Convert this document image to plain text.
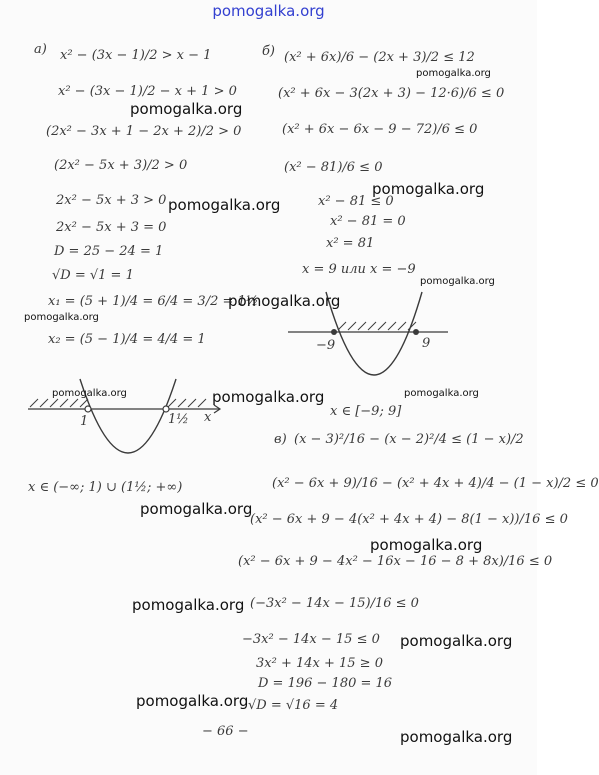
pomogalka.org
а) x² − (3x − 1)/2 > x − 1
x² − (3x − 1)/2 − x + 1 > 0
(2x² − 3x + 1 − 2x + 2)/2 > 0
(2x² − 5x + 3)/2 > 0
2x² − 5x + 3 > 0
2x² − 5x + 3 = 0
D = 25 − 24 = 1
√D = √1 = 1
x₁ = (5 + 1)/4 = 6/4 = 3/2 = 1½
x₂ = (5 − 1)/4 = 4/4 = 1
1	1½ x
x ∈ (−∞; 1) ∪ (1½; +∞)
б) (x² + 6x)/6 − (2x + 3)/2 ≤ 12
(x² + 6x − 3(2x + 3) − 12·6)/6 ≤ 0
(x² + 6x − 6x − 9 − 72)/6 ≤ 0
(x² − 81)/6 ≤ 0
x² − 81 ≤ 0
x² − 81 = 0
x² = 81
x = 9 или x = −9
−9	9
x ∈ [−9; 9]
в) (x − 3)²/16 − (x − 2)²/4 ≤ (1 − x)/2
(x² − 6x + 9)/16 − (x² + 4x + 4)/4 − (1 − x)/2 ≤ 0
(x² − 6x + 9 − 4(x² + 4x + 4) − 8(1 − x))/16 ≤ 0
(x² − 6x + 9 − 4x² − 16x − 16 − 8 + 8x)/16 ≤ 0
(−3x² − 14x − 15)/16 ≤ 0
−3x² − 14x − 15 ≤ 0
3x² + 14x + 15 ≥ 0
D = 196 − 180 = 16
√D = √16 = 4
− 66 −
pomogalka.org
pomogalka.org
pomogalka.org
pomogalka.org
pomogalka.org
pomogalka.org
pomogalka.org
pomogalka.org	pomogalka.org	pomogalka.org
pomogalka.org
pomogalka.org
pomogalka.org
pomogalka.org
pomogalka.org
pomogalka.org
